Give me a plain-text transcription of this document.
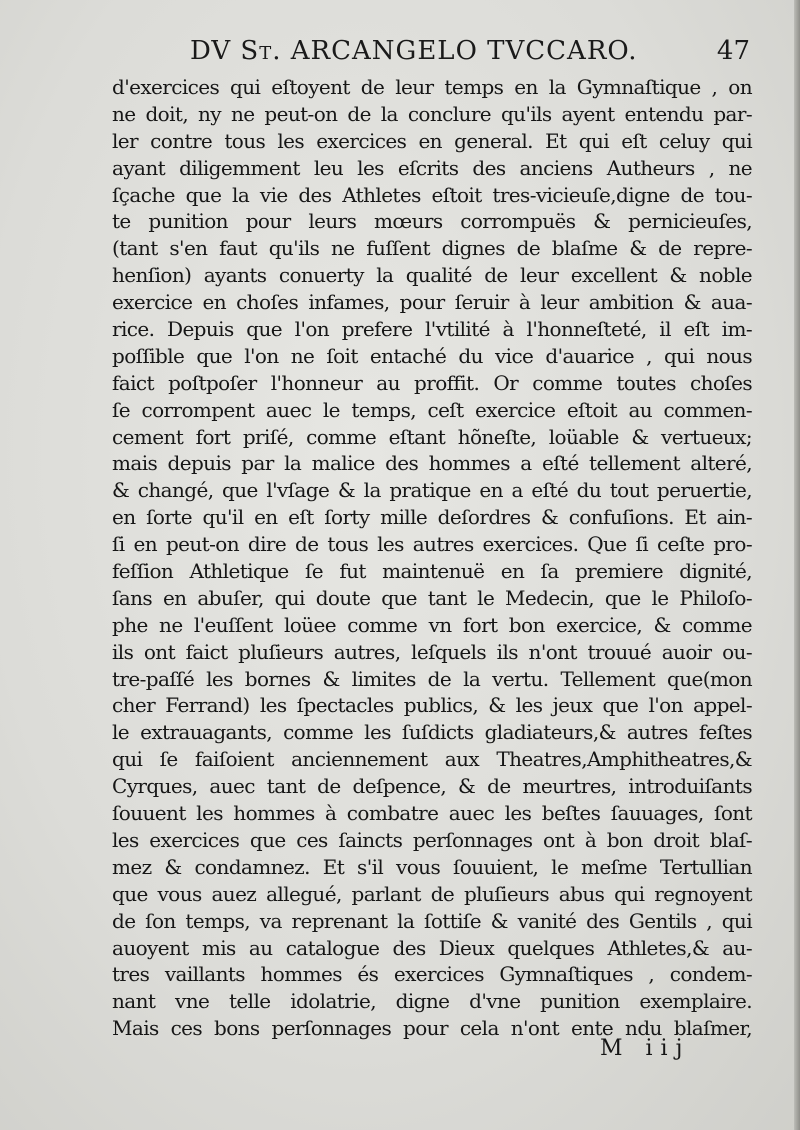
DV St. ARCANGELO TVCCARO.	47
d'exercices qui eſtoyent de leur temps en la Gymnaſtique , on
ne doit, ny ne peut-on de la conclure qu'ils ayent entendu par-
ler contre tous les exercices en general. Et qui eſt celuy qui
ayant diligemment leu les eſcrits des anciens Autheurs , ne
ſçache que la vie des Athletes eſtoit tres-vicieuſe,digne de tou-
te punition pour leurs mœurs corrompuës & pernicieuſes,
(tant s'en faut qu'ils ne fuſſent dignes de blaſme & de repre-
henſion) ayants conuerty la qualité de leur excellent & noble
exercice en choſes infames, pour ſeruir à leur ambition & aua-
rice. Depuis que l'on prefere l'vtilité à l'honneſteté, il eſt im-
poſſible que l'on ne ſoit entaché du vice d'auarice , qui nous
faict poſtpoſer l'honneur au proffit. Or comme toutes choſes
ſe corrompent auec le temps, ceſt exercice eſtoit au commen-
cement fort priſé, comme eſtant hõneſte, loüable & vertueux;
mais depuis par la malice des hommes a eſté tellement alteré,
& changé, que l'vſage & la pratique en a eſté du tout peruertie,
en ſorte qu'il en eſt ſorty mille deſordres & confuſions. Et ain-
ſi en peut-on dire de tous les autres exercices. Que ſi ceſte pro-
feſſion Athletique ſe fut maintenuë en ſa premiere dignité,
ſans en abuſer, qui doute que tant le Medecin, que le Philoſo-
phe ne l'euſſent loüee comme vn fort bon exercice, & comme
ils ont faict pluſieurs autres, leſquels ils n'ont trouué auoir ou-
tre-paſſé les bornes & limites de la vertu. Tellement que(mon
cher Ferrand) les ſpectacles publics, & les jeux que l'on appel-
le extrauagants, comme les ſuſdicts gladiateurs,& autres feſtes
qui ſe faiſoient anciennement aux Theatres,Amphitheatres,&
Cyrques, auec tant de deſpence, & de meurtres, introduiſants
ſouuent les hommes à combatre auec les beſtes ſauuages, ſont
les exercices que ces ſaincts perſonnages ont à bon droit blaſ-
mez & condamnez. Et s'il vous ſouuient, le meſme Tertullian
que vous auez allegué, parlant de pluſieurs abus qui regnoyent
de ſon temps, va reprenant la ſottiſe & vanité des Gentils , qui
auoyent mis au catalogue des Dieux quelques Athletes,& au-
tres vaillants hommes és exercices Gymnaſtiques , condem-
nant vne telle idolatrie, digne d'vne punition exemplaire.
Mais ces bons perſonnages pour cela n'ont ente ndu blaſmer,
M iij
